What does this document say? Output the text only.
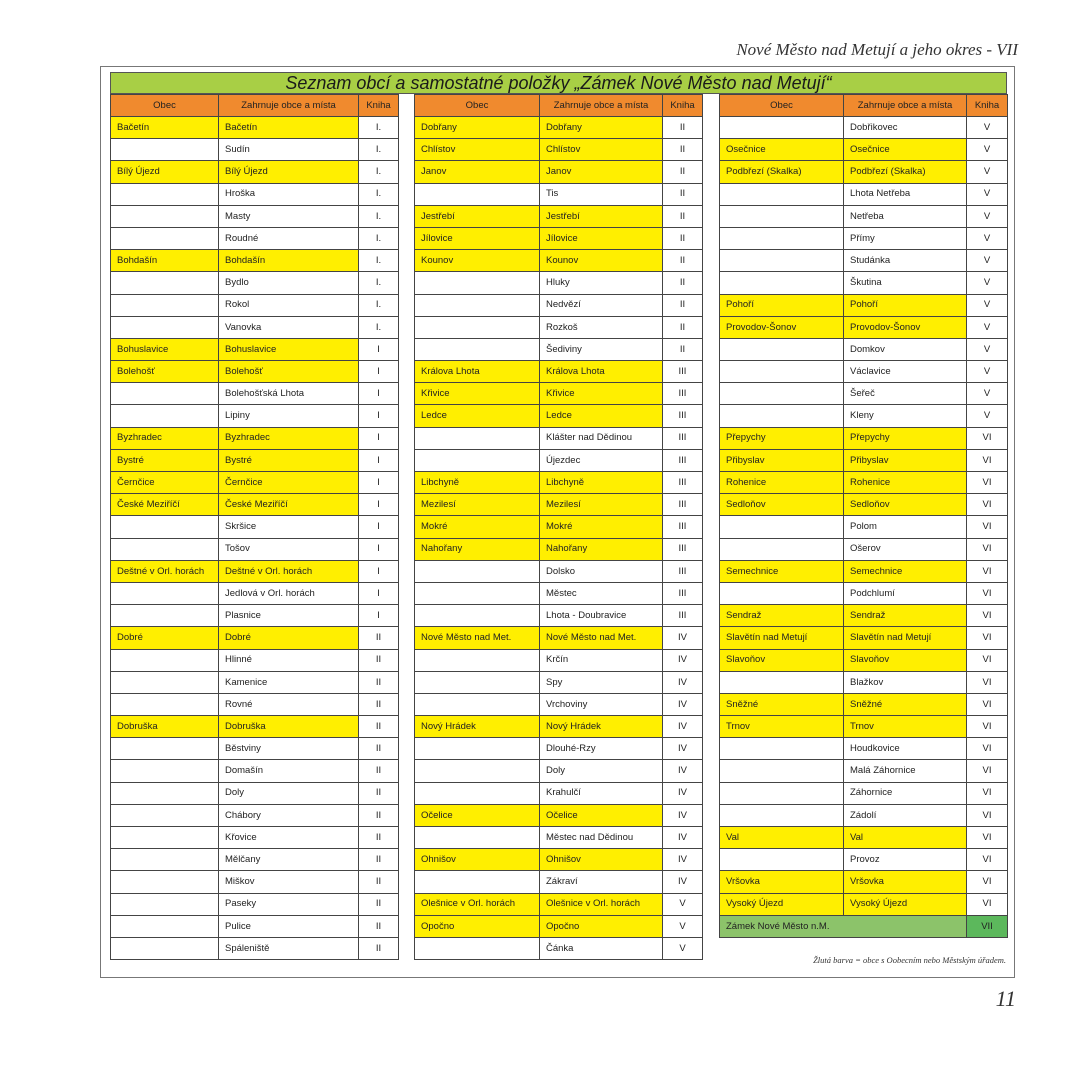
Nové Město nad Metují a jeho okres - VII
Seznam obcí a samostatné položky „Zámek Nové Město nad Metují“
Obec	Zahrnuje obce a místa	Kniha
Bačetín	Bačetín	I.
	Sudín	I.
Bílý Újezd	Bílý Újezd	I.
	Hroška	I.
	Masty	I.
	Roudné	I.
Bohdašín	Bohdašín	I.
	Bydlo	I.
	Rokol	I.
	Vanovka	I.
Bohuslavice	Bohuslavice	I
Bolehošť	Bolehošť	I
	Bolehošťská Lhota	I
	Lipiny	I
Byzhradec	Byzhradec	I
Bystré	Bystré	I
Černčice	Černčice	I
České Meziříčí	České Meziříčí	I
	Skršice	I
	Tošov	I
Deštné v Orl. horách	Deštné v Orl. horách	I
	Jedlová v Orl. horách	I
	Plasnice	I
Dobré	Dobré	II
	Hlinné	II
	Kamenice	II
	Rovné	II
Dobruška	Dobruška	II
	Běstviny	II
	Domašín	II
	Doly	II
	Chábory	II
	Křovice	II
	Mělčany	II
	Miškov	II
	Paseky	II
	Pulice	II
	Spáleniště	II
Obec	Zahrnuje obce a místa	Kniha
Dobřany	Dobřany	II
Chlístov	Chlístov	II
Janov	Janov	II
	Tis	II
Jestřebí	Jestřebí	II
Jílovice	Jílovice	II
Kounov	Kounov	II
	Hluky	II
	Nedvězí	II
	Rozkoš	II
	Šediviny	II
Králova Lhota	Králova Lhota	III
Křivice	Křivice	III
Ledce	Ledce	III
	Klášter nad Dědinou	III
	Újezdec	III
Libchyně	Libchyně	III
Mezilesí	Mezilesí	III
Mokré	Mokré	III
Nahořany	Nahořany	III
	Dolsko	III
	Městec	III
	Lhota - Doubravice	III
Nové Město nad Met.	Nové Město nad Met.	IV
	Krčín	IV
	Spy	IV
	Vrchoviny	IV
Nový Hrádek	Nový Hrádek	IV
	Dlouhé-Rzy	IV
	Doly	IV
	Krahulčí	IV
Očelice	Očelice	IV
	Městec nad Dědinou	IV
Ohnišov	Ohnišov	IV
	Zákraví	IV
Olešnice v Orl. horách	Olešnice v Orl. horách	V
Opočno	Opočno	V
	Čánka	V
Obec	Zahrnuje obce a místa	Kniha
	Dobřikovec	V
Osečnice	Osečnice	V
Podbřezí (Skalka)	Podbřezí (Skalka)	V
	Lhota Netřeba	V
	Netřeba	V
	Přímy	V
	Studánka	V
	Škutina	V
Pohoří	Pohoří	V
Provodov-Šonov	Provodov-Šonov	V
	Domkov	V
	Václavice	V
	Šeřeč	V
	Kleny	V
Přepychy	Přepychy	VI
Přibyslav	Přibyslav	VI
Rohenice	Rohenice	VI
Sedloňov	Sedloňov	VI
	Polom	VI
	Ošerov	VI
Semechnice	Semechnice	VI
	Podchlumí	VI
Sendraž	Sendraž	VI
Slavětín nad Metují	Slavětín nad Metují	VI
Slavoňov	Slavoňov	VI
	Blažkov	VI
Sněžné	Sněžné	VI
Trnov	Trnov	VI
	Houdkovice	VI
	Malá Záhornice	VI
	Záhornice	VI
	Zádolí	VI
Val	Val	VI
	Provoz	VI
Vršovka	Vršovka	VI
Vysoký Újezd	Vysoký Újezd	VI
Zámek Nové Město n.M.		VII
Žlutá barva = obce s Oobecním nebo Městským úřadem.
11
